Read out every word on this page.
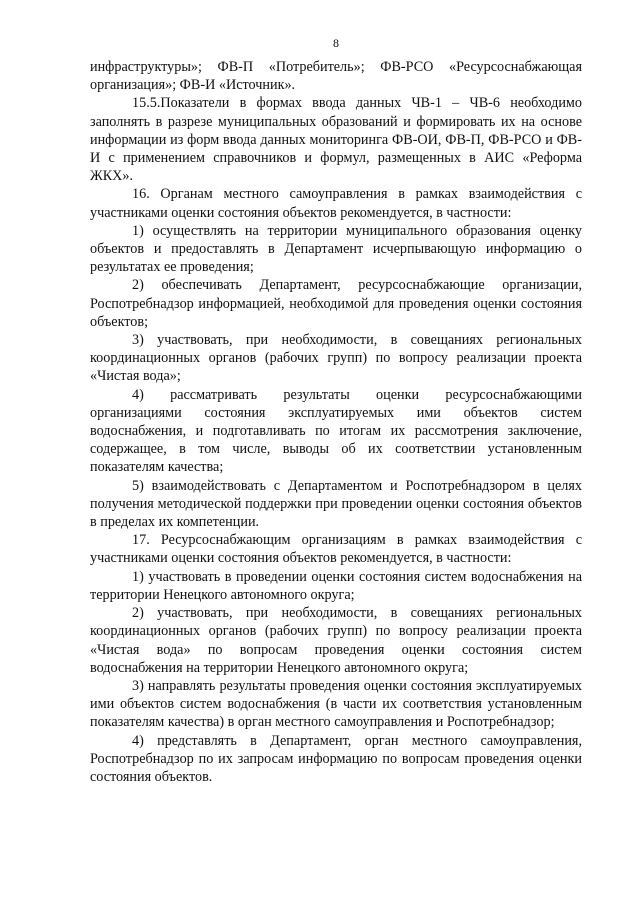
8

инфраструктуры»; ФВ-П «Потребитель»; ФВ-РСО «Ресурсоснабжающая организация»; ФВ-И «Источник».

15.5.Показатели в формах ввода данных ЧВ-1 – ЧВ-6 необходимо заполнять в разрезе муниципальных образований и формировать их на основе информации из форм ввода данных мониторинга ФВ-ОИ, ФВ-П, ФВ-РСО и ФВ-И с применением справочников и формул, размещенных в АИС «Реформа ЖКХ».

16. Органам местного самоуправления в рамках взаимодействия с участниками оценки состояния объектов рекомендуется, в частности:

1) осуществлять на территории муниципального образования оценку объектов и предоставлять в Департамент исчерпывающую информацию о результатах ее проведения;

2) обеспечивать Департамент, ресурсоснабжающие организации, Роспотребнадзор информацией, необходимой для проведения оценки состояния объектов;

3) участвовать, при необходимости, в совещаниях региональных координационных органов (рабочих групп) по вопросу реализации проекта «Чистая вода»;

4) рассматривать результаты оценки ресурсоснабжающими организациями состояния эксплуатируемых ими объектов систем водоснабжения, и подготавливать по итогам их рассмотрения заключение, содержащее, в том числе, выводы об их соответствии установленным показателям качества;

5) взаимодействовать с Департаментом и Роспотребнадзором в целях получения методической поддержки при проведении оценки состояния объектов в пределах их компетенции.

17. Ресурсоснабжающим организациям в рамках взаимодействия с участниками оценки состояния объектов рекомендуется, в частности:

1) участвовать в проведении оценки состояния систем водоснабжения на территории Ненецкого автономного округа;

2) участвовать, при необходимости, в совещаниях региональных координационных органов (рабочих групп) по вопросу реализации проекта «Чистая вода» по вопросам проведения оценки состояния систем водоснабжения на территории Ненецкого автономного округа;

3) направлять результаты проведения оценки состояния эксплуатируемых ими объектов систем водоснабжения (в части их соответствия установленным показателям качества) в орган местного самоуправления и Роспотребнадзор;

4) представлять в Департамент, орган местного самоуправления, Роспотребнадзор по их запросам информацию по вопросам проведения оценки состояния объектов.
